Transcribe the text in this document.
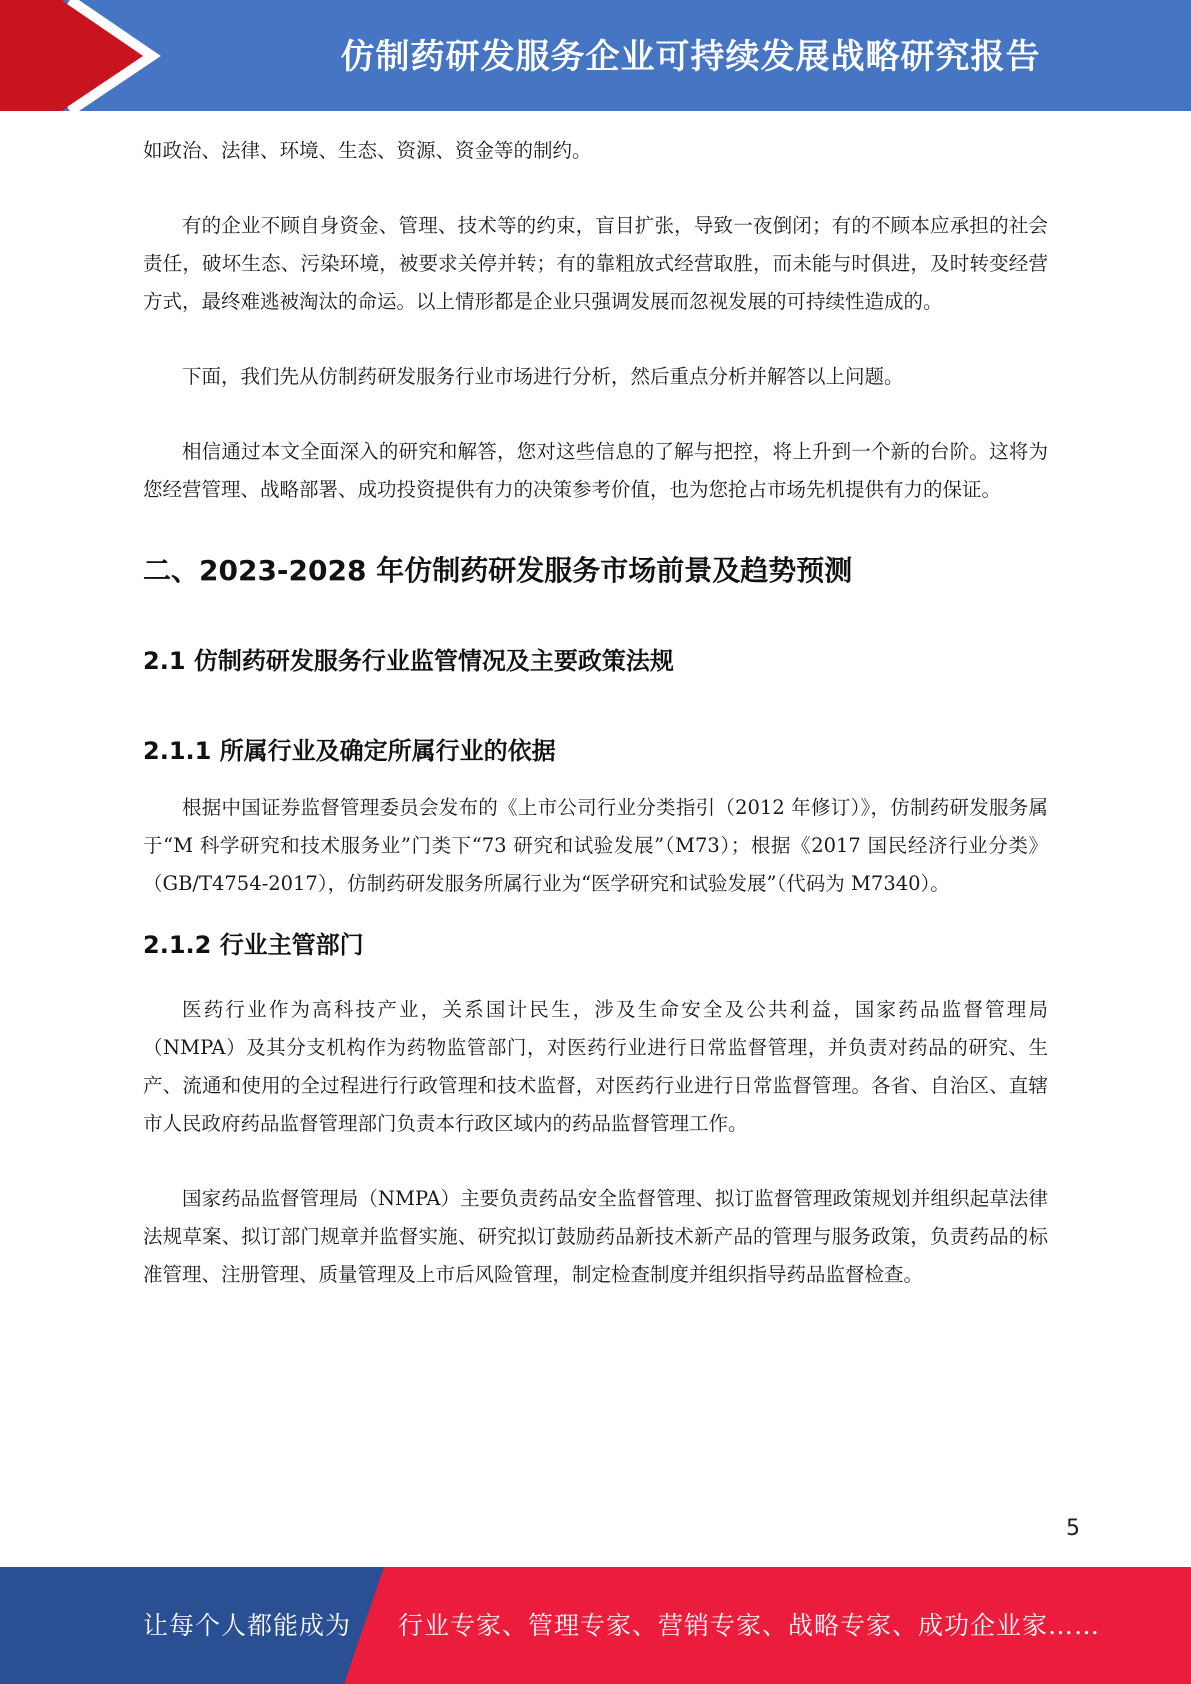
仿制药研发服务企业可持续发展战略研究报告

如政治、法律、环境、生态、资源、资金等的制约。

有的企业不顾自身资金、管理、技术等的约束，盲目扩张，导致一夜倒闭；有的不顾本应承担的社会责任，破坏生态、污染环境，被要求关停并转；有的靠粗放式经营取胜，而未能与时俱进，及时转变经营方式，最终难逃被淘汰的命运。以上情形都是企业只强调发展而忽视发展的可持续性造成的。

下面，我们先从仿制药研发服务行业市场进行分析，然后重点分析并解答以上问题。

相信通过本文全面深入的研究和解答，您对这些信息的了解与把控，将上升到一个新的台阶。这将为您经营管理、战略部署、成功投资提供有力的决策参考价值，也为您抢占市场先机提供有力的保证。

二、2023-2028 年仿制药研发服务市场前景及趋势预测
2.1 仿制药研发服务行业监管情况及主要政策法规
2.1.1 所属行业及确定所属行业的依据

根据中国证券监督管理委员会发布的《上市公司行业分类指引（2012 年修订）》，仿制药研发服务属于“M 科学研究和技术服务业”门类下“73 研究和试验发展”（M73）；根据《2017 国民经济行业分类》（GB/T4754-2017），仿制药研发服务所属行业为“医学研究和试验发展”（代码为 M7340）。

2.1.2 行业主管部门

医药行业作为高科技产业，关系国计民生，涉及生命安全及公共利益，国家药品监督管理局（NMPA）及其分支机构作为药物监管部门，对医药行业进行日常监督管理，并负责对药品的研究、生产、流通和使用的全过程进行行政管理和技术监督，对医药行业进行日常监督管理。各省、自治区、直辖市人民政府药品监督管理部门负责本行政区域内的药品监督管理工作。

国家药品监督管理局（NMPA）主要负责药品安全监督管理、拟订监督管理政策规划并组织起草法律法规草案、拟订部门规章并监督实施、研究拟订鼓励药品新技术新产品的管理与服务政策，负责药品的标准管理、注册管理、质量管理及上市后风险管理，制定检查制度并组织指导药品监督检查。

5
让每个人都能成为 行业专家、管理专家、营销专家、战略专家、成功企业家……
